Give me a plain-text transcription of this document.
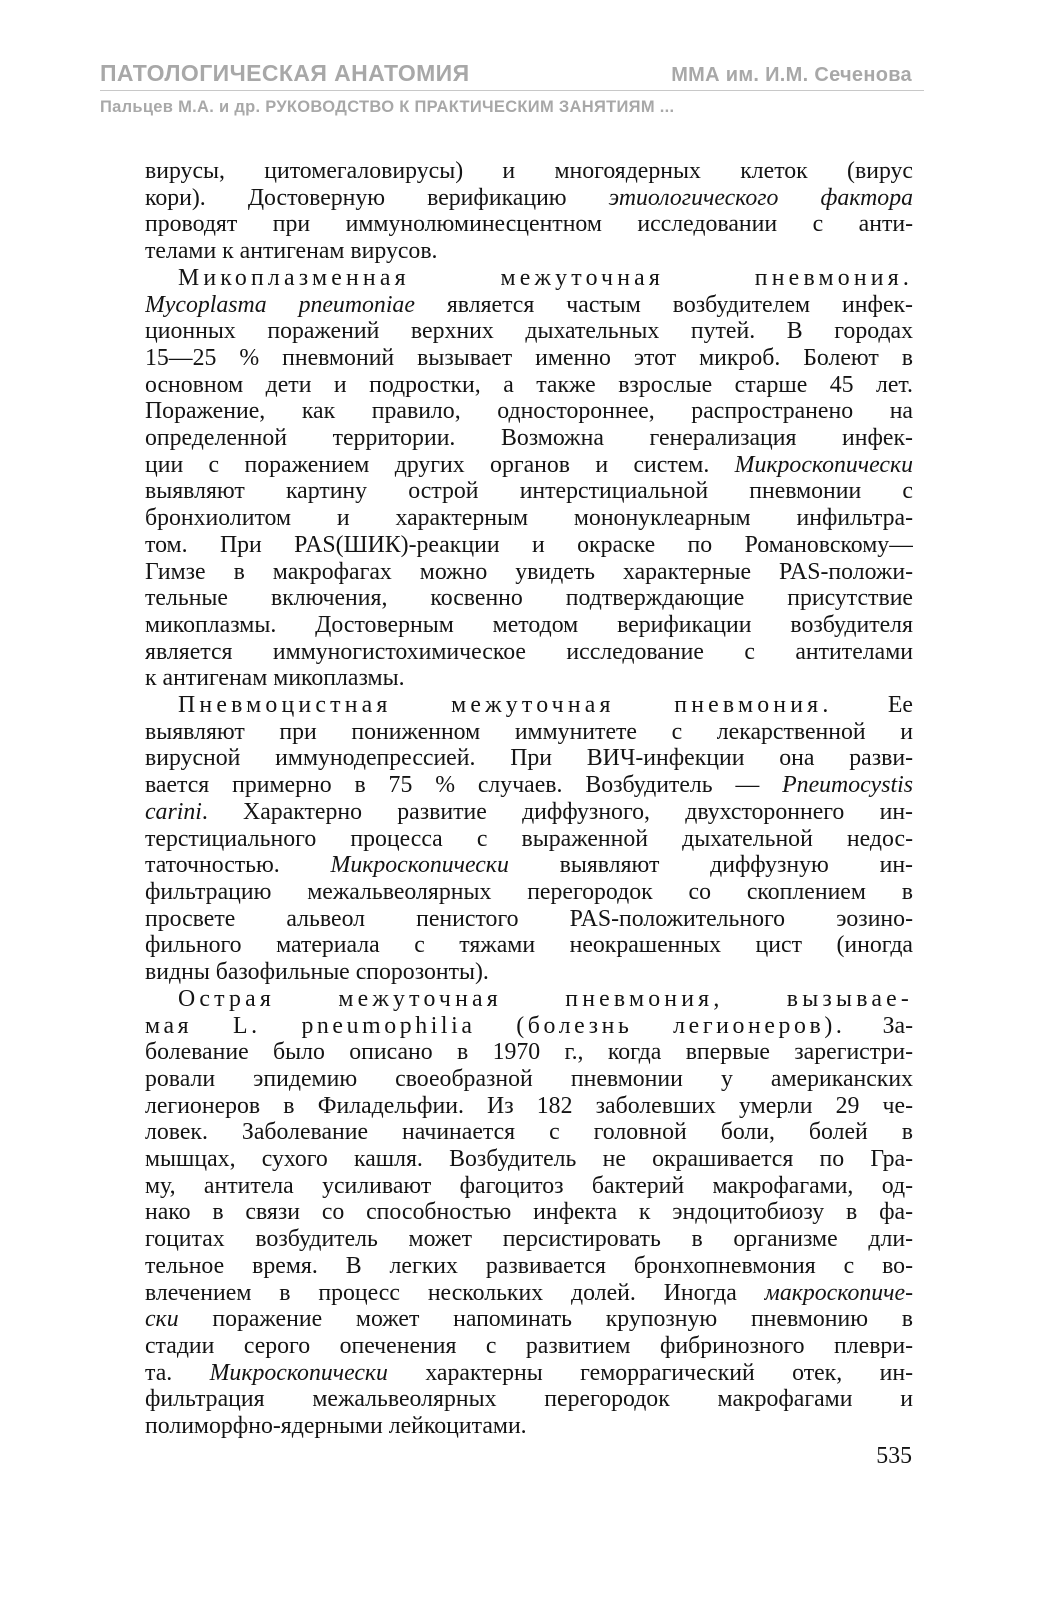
ПАТОЛОГИЧЕСКАЯ АНАТОМИЯ	ММА им. И.М. Сеченова
Пальцев М.А. и др. РУКОВОДСТВО К ПРАКТИЧЕСКИМ ЗАНЯТИЯМ ...
вирусы, цитомегаловирусы) и многоядерных клеток (вирус
кори). Достоверную верификацию этиологического фактора
проводят при иммунолюминесцентном исследовании с анти-
телами к антигенам вирусов.
Микоплазменная межуточная пневмония.
Mycoplasma pneumoniae является частым возбудителем инфек-
ционных поражений верхних дыхательных путей. В городах
15—25 % пневмоний вызывает именно этот микроб. Болеют в
основном дети и подростки, а также взрослые старше 45 лет.
Поражение, как правило, одностороннее, распространено на
определенной территории. Возможна генерализация инфек-
ции с поражением других органов и систем. Микроскопически
выявляют картину острой интерстициальной пневмонии с
бронхиолитом и характерным мононуклеарным инфильтра-
том. При PAS(ШИК)-реакции и окраске по Романовскому—
Гимзе в макрофагах можно увидеть характерные PAS-положи-
тельные включения, косвенно подтверждающие присутствие
микоплазмы. Достоверным методом верификации возбудителя
является иммуногистохимическое исследование с антителами
к антигенам микоплазмы.
Пневмоцистная межуточная пневмония. Ее
выявляют при пониженном иммунитете с лекарственной и
вирусной иммунодепрессией. При ВИЧ-инфекции она разви-
вается примерно в 75 % случаев. Возбудитель — Pneumocystis
carini. Характерно развитие диффузного, двухстороннего ин-
терстициального процесса с выраженной дыхательной недос-
таточностью. Микроскопически выявляют диффузную ин-
фильтрацию межальвеолярных перегородок со скоплением в
просвете альвеол пенистого PAS-положительного эозино-
фильного материала с тяжами неокрашенных цист (иногда
видны базофильные спорозонты).
Острая межуточная пневмония, вызывае-
мая L. pneumophilia (болезнь легионеров). За-
болевание было описано в 1970 г., когда впервые зарегистри-
ровали эпидемию своеобразной пневмонии у американских
легионеров в Филадельфии. Из 182 заболевших умерли 29 че-
ловек. Заболевание начинается с головной боли, болей в
мышцах, сухого кашля. Возбудитель не окрашивается по Гра-
му, антитела усиливают фагоцитоз бактерий макрофагами, од-
нако в связи со способностью инфекта к эндоцитобиозу в фа-
гоцитах возбудитель может персистировать в организме дли-
тельное время. В легких развивается бронхопневмония с во-
влечением в процесс нескольких долей. Иногда макроскопиче-
ски поражение может напоминать крупозную пневмонию в
стадии серого опеченения с развитием фибринозного плеври-
та. Микроскопически характерны геморрагический отек, ин-
фильтрация межальвеолярных перегородок макрофагами и
полиморфно-ядерными лейкоцитами.
535
